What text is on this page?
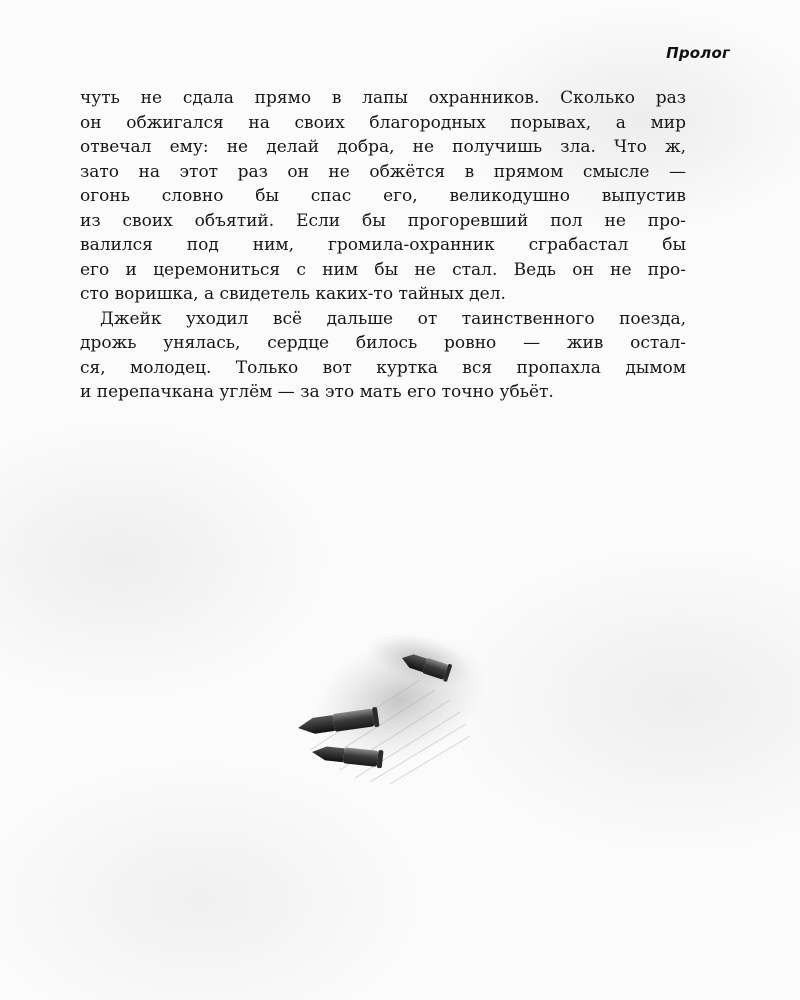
Пролог

чуть не сдала прямо в лапы охранников. Сколько раз

он обжигался на своих благородных порывах, а мир

отвечал ему: не делай добра, не получишь зла. Что ж,

зато на этот раз он не обжётся в прямом смысле —

огонь словно бы спас его, великодушно выпустив

из своих объятий. Если бы прогоревший пол не про-

валился под ним, громила-охранник сграбастал бы

его и церемониться с ним бы не стал. Ведь он не про-

сто воришка, а свидетель каких-то тайных дел.

Джейк уходил всё дальше от таинственного поезда,

дрожь унялась, сердце билось ровно — жив остал-

ся, молодец. Только вот куртка вся пропахла дымом

и перепачкана углём — за это мать его точно убьёт.
